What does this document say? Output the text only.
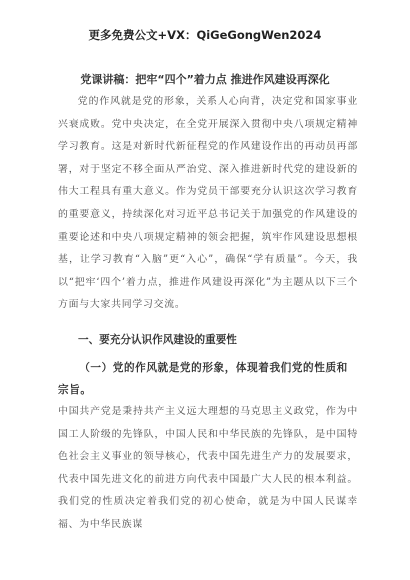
更多免费公文+VX：QiGeGongWen2024
党课讲稿：把牢“四个”着力点 推进作风建设再深化
党的作风就是党的形象，关系人心向背，决定党和国家事业兴衰成败。党中央决定，在全党开展深入贯彻中央八项规定精神学习教育。这是对新时代新征程党的作风建设作出的再动员再部署，对于坚定不移全面从严治党、深入推进新时代党的建设新的伟大工程具有重大意义。作为党员干部要充分认识这次学习教育的重要意义，持续深化对习近平总书记关于加强党的作风建设的重要论述和中央八项规定精神的领会把握，筑牢作风建设思想根基，让学习教育“入脑”更“入心”，确保“学有质量”。今天，我以“把牢‘四个’着力点，推进作风建设再深化”为主题从以下三个方面与大家共同学习交流。
一、要充分认识作风建设的重要性
（一）党的作风就是党的形象，体现着我们党的性质和宗旨。
中国共产党是秉持共产主义远大理想的马克思主义政党，作为中国工人阶级的先锋队，中国人民和中华民族的先锋队，是中国特色社会主义事业的领导核心，代表中国先进生产力的发展要求，代表中国先进文化的前进方向代表中国最广大人民的根本利益。我们党的性质决定着我们党的初心使命，就是为中国人民谋幸福、为中华民族谋
